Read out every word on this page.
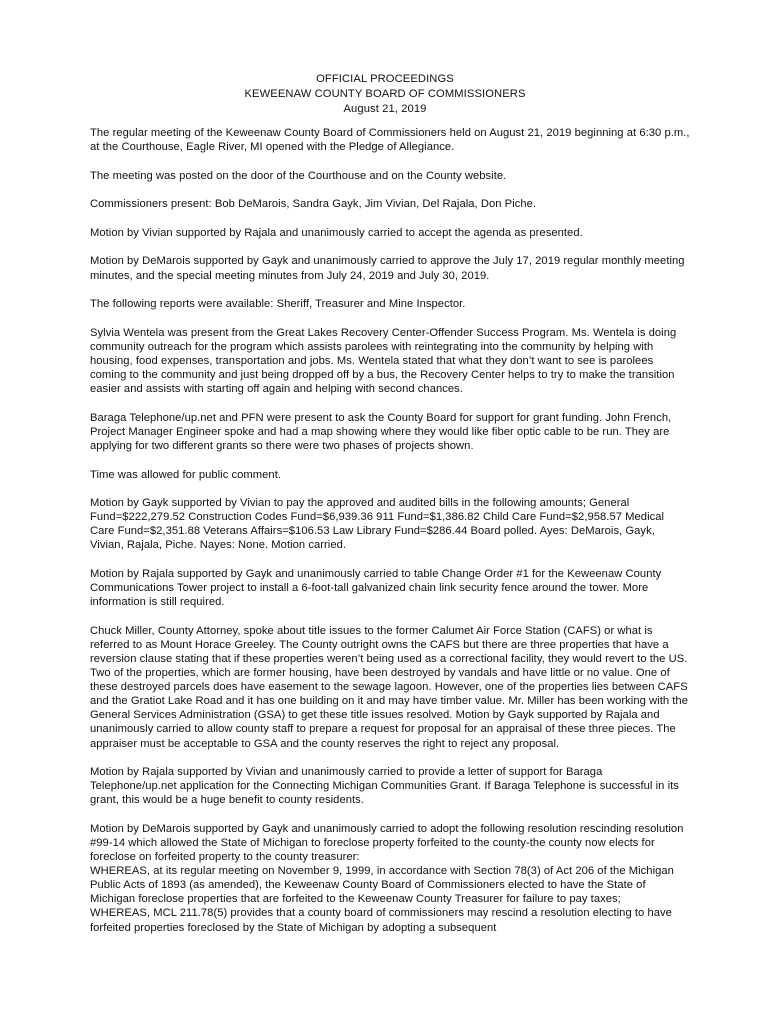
OFFICIAL PROCEEDINGS
KEWEENAW COUNTY BOARD OF COMMISSIONERS
August 21, 2019

The regular meeting of the Keweenaw County Board of Commissioners held on August 21, 2019 beginning at 6:30 p.m., at the Courthouse, Eagle River, MI opened with the Pledge of Allegiance.

The meeting was posted on the door of the Courthouse and on the County website.

Commissioners present: Bob DeMarois, Sandra Gayk, Jim Vivian, Del Rajala, Don Piche.

Motion by Vivian supported by Rajala and unanimously carried to accept the agenda as presented.

Motion by DeMarois supported by Gayk and unanimously carried to approve the July 17, 2019 regular monthly meeting minutes, and the special meeting minutes from July 24, 2019 and July 30, 2019.

The following reports were available: Sheriff, Treasurer and Mine Inspector.

Sylvia Wentela was present from the Great Lakes Recovery Center-Offender Success Program. Ms. Wentela is doing community outreach for the program which assists parolees with reintegrating into the community by helping with housing, food expenses, transportation and jobs. Ms. Wentela stated that what they don’t want to see is parolees coming to the community and just being dropped off by a bus, the Recovery Center helps to try to make the transition easier and assists with starting off again and helping with second chances.

Baraga Telephone/up.net and PFN were present to ask the County Board for support for grant funding. John French, Project Manager Engineer spoke and had a map showing where they would like fiber optic cable to be run. They are applying for two different grants so there were two phases of projects shown.

Time was allowed for public comment.

Motion by Gayk supported by Vivian to pay the approved and audited bills in the following amounts; General Fund=$222,279.52 Construction Codes Fund=$6,939.36 911 Fund=$1,386.82 Child Care Fund=$2,958.57 Medical Care Fund=$2,351.88 Veterans Affairs=$106.53 Law Library Fund=$286.44 Board polled. Ayes: DeMarois, Gayk, Vivian, Rajala, Piche. Nayes: None. Motion carried.

Motion by Rajala supported by Gayk and unanimously carried to table Change Order #1 for the Keweenaw County Communications Tower project to install a 6-foot-tall galvanized chain link security fence around the tower. More information is still required.

Chuck Miller, County Attorney, spoke about title issues to the former Calumet Air Force Station (CAFS) or what is referred to as Mount Horace Greeley. The County outright owns the CAFS but there are three properties that have a reversion clause stating that if these properties weren’t being used as a correctional facility, they would revert to the US. Two of the properties, which are former housing, have been destroyed by vandals and have little or no value. One of these destroyed parcels does have easement to the sewage lagoon. However, one of the properties lies between CAFS and the Gratiot Lake Road and it has one building on it and may have timber value. Mr. Miller has been working with the General Services Administration (GSA) to get these title issues resolved. Motion by Gayk supported by Rajala and unanimously carried to allow county staff to prepare a request for proposal for an appraisal of these three pieces. The appraiser must be acceptable to GSA and the county reserves the right to reject any proposal.

Motion by Rajala supported by Vivian and unanimously carried to provide a letter of support for Baraga Telephone/up.net application for the Connecting Michigan Communities Grant. If Baraga Telephone is successful in its grant, this would be a huge benefit to county residents.

Motion by DeMarois supported by Gayk and unanimously carried to adopt the following resolution rescinding resolution #99-14 which allowed the State of Michigan to foreclose property forfeited to the county-the county now elects for foreclose on forfeited property to the county treasurer:

WHEREAS, at its regular meeting on November 9, 1999, in accordance with Section 78(3) of Act 206 of the Michigan Public Acts of 1893 (as amended), the Keweenaw County Board of Commissioners elected to have the State of Michigan foreclose properties that are forfeited to the Keweenaw County Treasurer for failure to pay taxes;

WHEREAS, MCL 211.78(5) provides that a county board of commissioners may rescind a resolution electing to have forfeited properties foreclosed by the State of Michigan by adopting a subsequent
